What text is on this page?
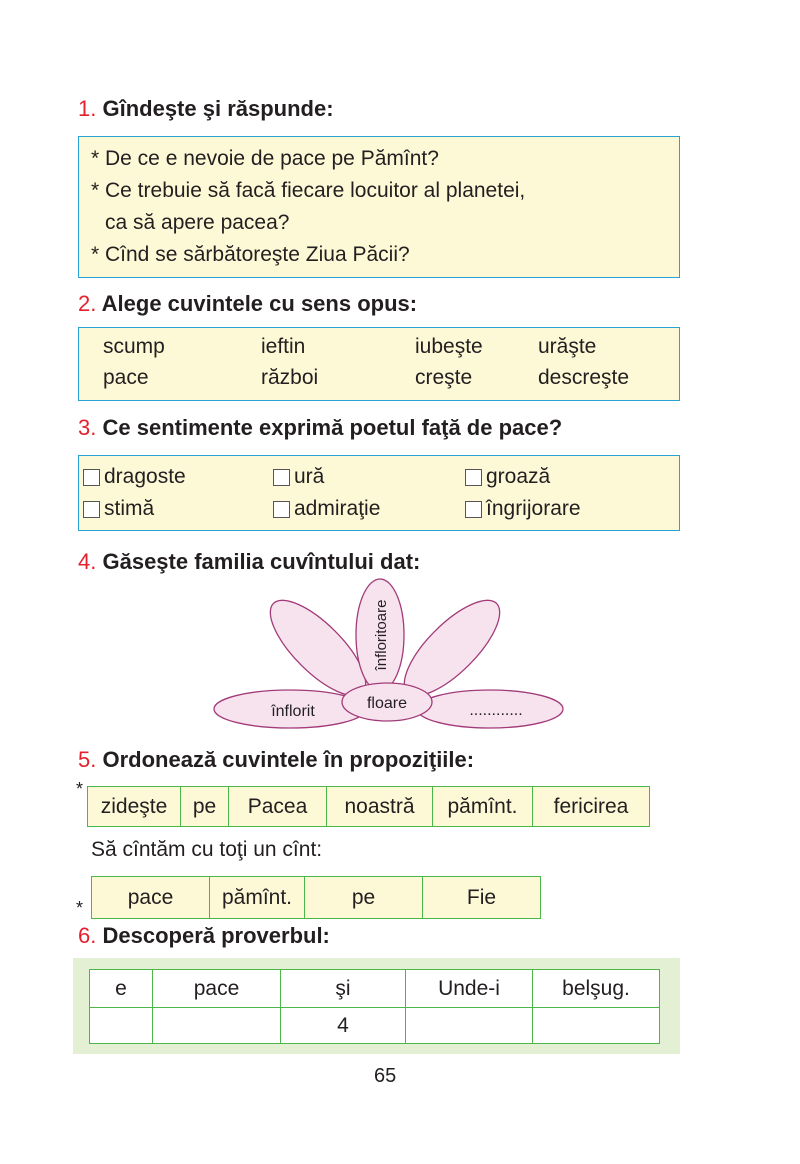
1. Gîndeşte şi răspunde:
* De ce e nevoie de pace pe Pămînt?
* Ce trebuie să facă fiecare locuitor al planetei,
ca să apere pacea?
* Cînd se sărbătoreşte Ziua Păcii?
2. Alege cuvintele cu sens opus:
scump	ieftin	iubeşte	urăşte
pace	război	creşte	descreşte
3. Ce sentimente exprimă poetul faţă de pace?
dragoste	ură	groază
stimă	admiraţie	îngrijorare
4. Găseşte familia cuvîntului dat:
înflorit	............
floare
înfloritoare
5. Ordonează cuvintele în propoziţiile:
*
zideşte	pe	Pacea	noastră	pămînt.	fericirea
Să cîntăm cu toţi un cînt:
* pace	pămînt.	pe	Fie
6. Descoperă proverbul:
e	pace	şi	Unde-i	belşug.
		4		
65
